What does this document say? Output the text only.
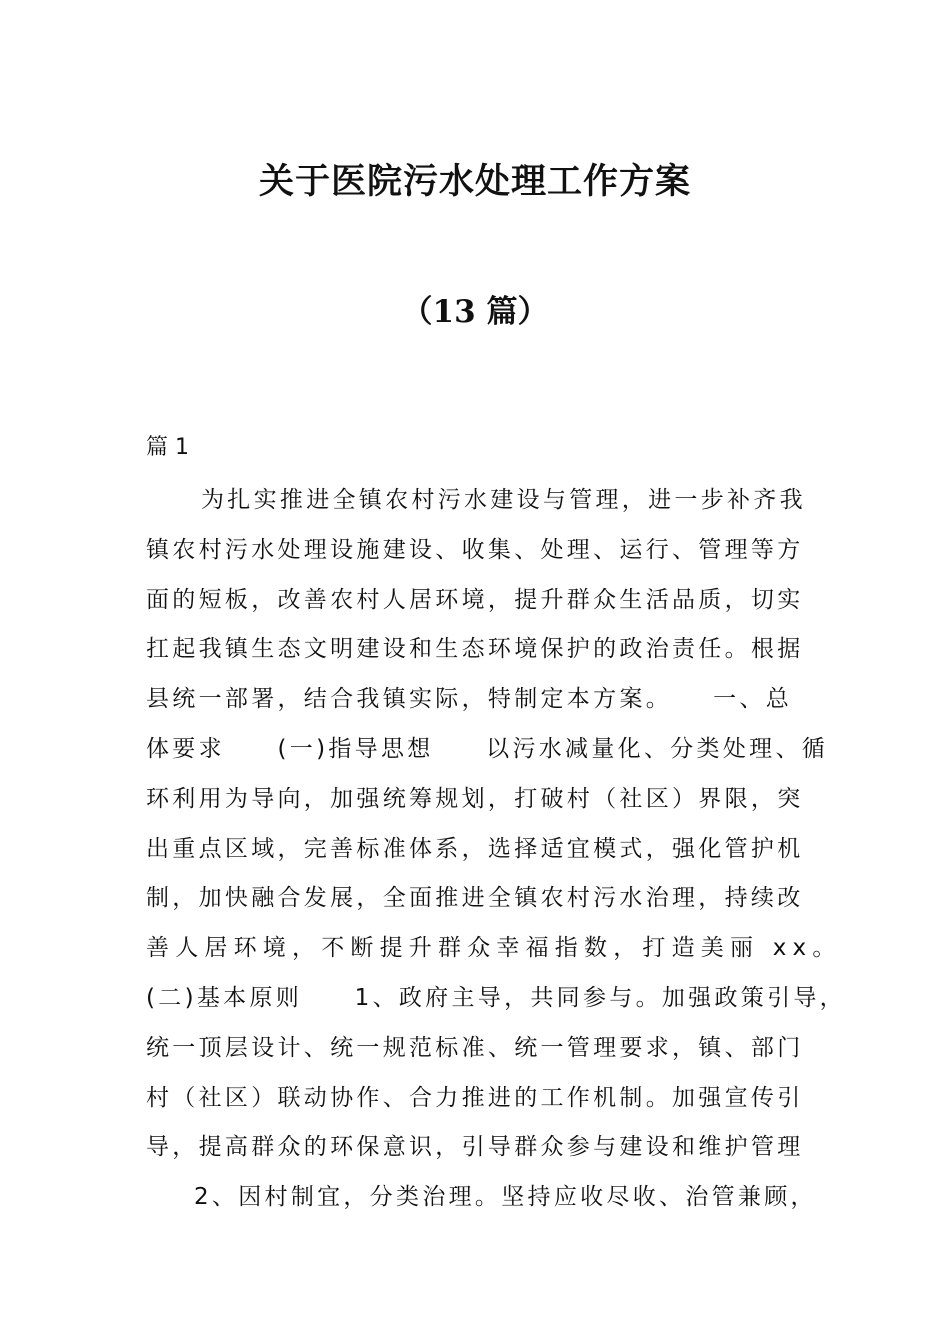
关于医院污水处理工作方案
（13 篇）
篇 1
为扎实推进全镇农村污水建设与管理，进一步补齐我
镇农村污水处理设施建设、收集、处理、运行、管理等方
面的短板，改善农村人居环境，提升群众生活品质，切实
扛起我镇生态文明建设和生态环境保护的政治责任。根据
县统一部署，结合我镇实际，特制定本方案。　　一、总
体要求　　(一)指导思想　　以污水减量化、分类处理、循
环利用为导向，加强统筹规划，打破村（社区）界限，突
出重点区域，完善标准体系，选择适宜模式，强化管护机
制，加快融合发展，全面推进全镇农村污水治理，持续改
善人居环境，不断提升群众幸福指数，打造美丽 xx。
(二)基本原则　　1、政府主导，共同参与。加强政策引导，
统一顶层设计、统一规范标准、统一管理要求，镇、部门
村（社区）联动协作、合力推进的工作机制。加强宣传引
导，提高群众的环保意识，引导群众参与建设和维护管理
2、因村制宜，分类治理。坚持应收尽收、治管兼顾，
